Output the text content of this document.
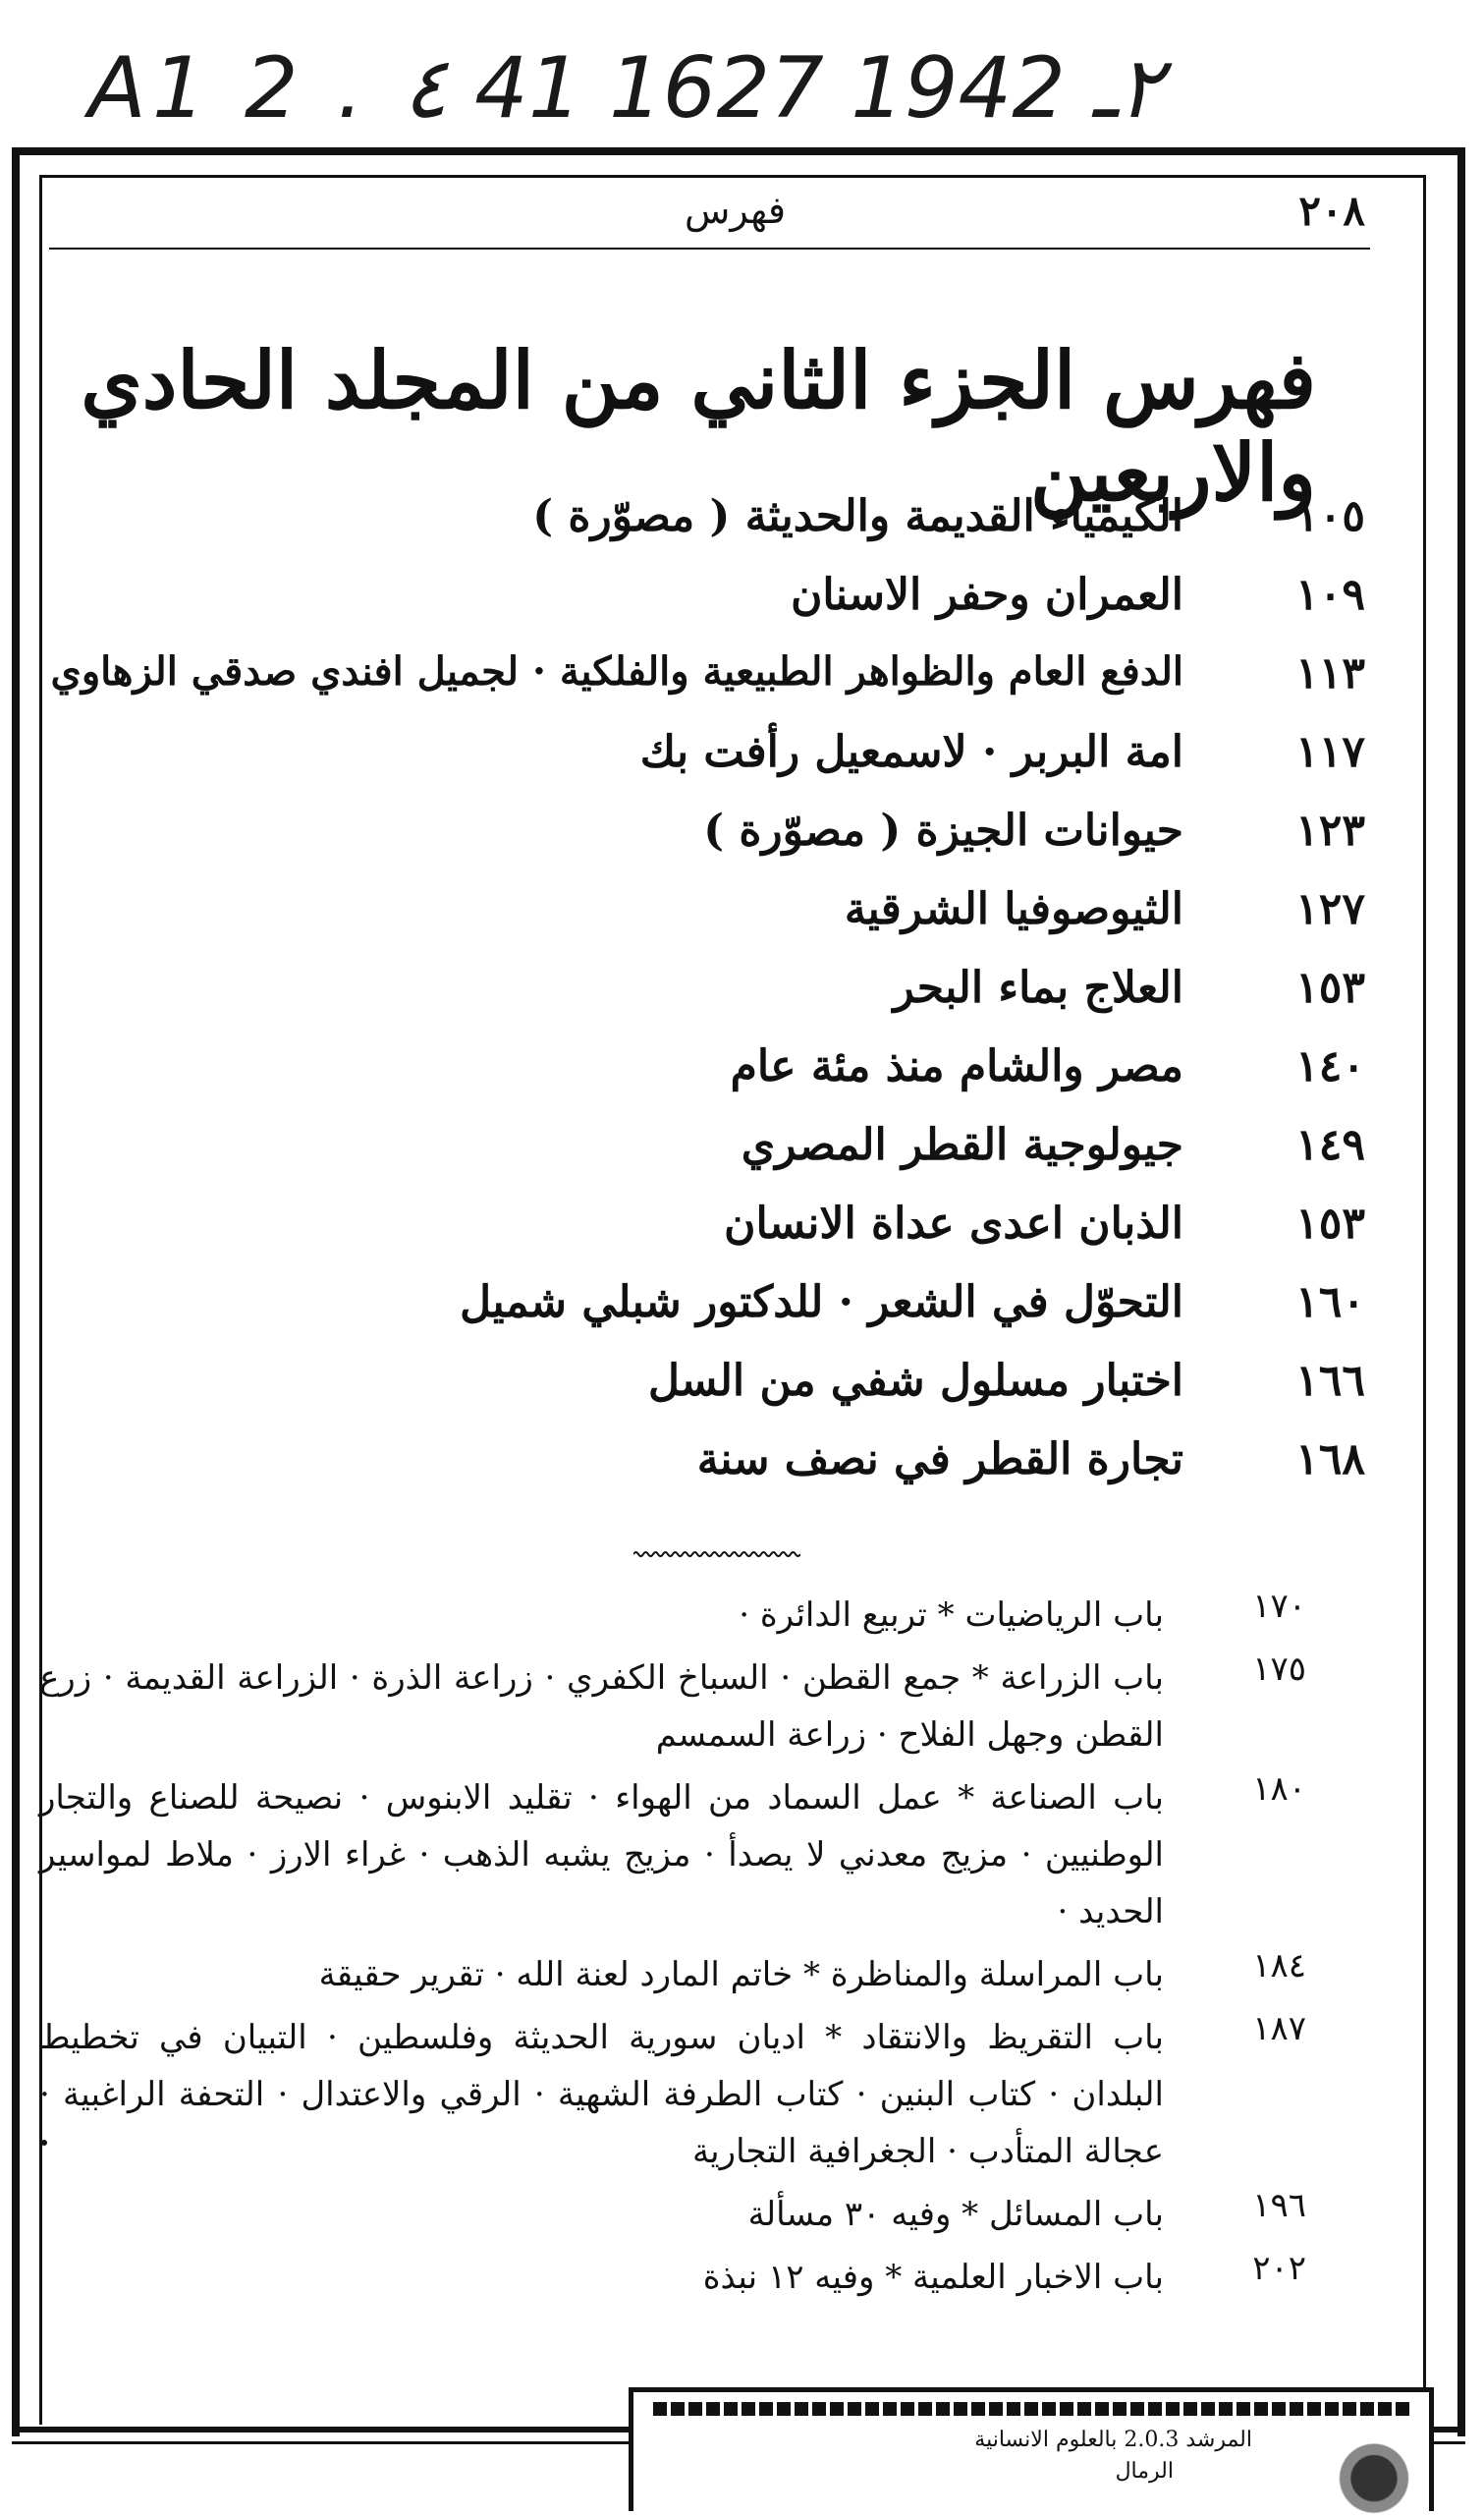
A1 2 . ٤ 41 ٢ـ 1942 1627
٢٠٨
فهرس
فهرس الجزء الثاني من المجلد الحادي والاربعين
١٠٥
الكيمياء القديمة والحديثة ( مصوّرة )
١٠٩
العمران وحفر الاسنان
١١٣
الدفع العام والظواهر الطبيعية والفلكية · لجميل افندي صدقي الزهاوي
١١٧
امة البربر · لاسمعيل رأفت بك
١٢٣
حيوانات الجيزة ( مصوّرة )
١٢٧
الثيوصوفيا الشرقية
١٥٣
العلاج بماء البحر
١٤٠
مصر والشام منذ مئة عام
١٤٩
جيولوجية القطر المصري
١٥٣
الذبان اعدى عداة الانسان
١٦٠
التحوّل في الشعر · للدكتور شبلي شميل
١٦٦
اختبار مسلول شفي من السل
١٦٨
تجارة القطر في نصف سنة
١٧٠
باب الرياضيات * تربيع الدائرة ·
١٧٥
باب الزراعة * جمع القطن · السباخ الكفري · زراعة الذرة · الزراعة القديمة · زرع القطن وجهل الفلاح · زراعة السمسم
١٨٠
باب الصناعة * عمل السماد من الهواء · تقليد الابنوس · نصيحة للصناع والتجار الوطنيين · مزيج معدني لا يصدأ · مزيج يشبه الذهب · غراء الارز · ملاط لمواسير الحديد ·
١٨٤
باب المراسلة والمناظرة * خاتم المارد لعنة الله · تقرير حقيقة
١٨٧
باب التقريظ والانتقاد * اديان سورية الحديثة وفلسطين · التبيان في تخطيط البلدان · كتاب البنين · كتاب الطرفة الشهية · الرقي والاعتدال · التحفة الراغبية · عجالة المتأدب · الجغرافية التجارية
١٩٦
باب المسائل * وفيه ٣٠ مسألة
٢٠٢
باب الاخبار العلمية * وفيه ١٢ نبذة
المرشد 2.0.3 بالعلوم الانسانية
الرمال
